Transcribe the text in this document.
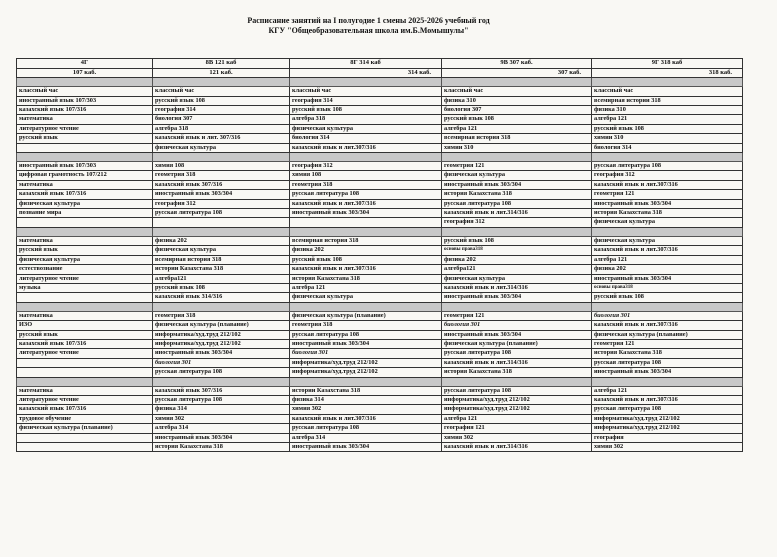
Расписание занятий на I полугодие 1 смены 2025-2026 учебный год
КГУ "Общеобразовательная школа им.Б.Момышулы"
4Г	8В 121 каб	8Г 314 каб	9В 307 каб.	9Г 318 каб
107 каб.	121 каб.	314 каб.	307 каб.	318 каб.

классный час	классный час	классный час	классный час	классный час
иностранный язык 107/303	русский язык 108	география 314	физика 310	всемирная истории 318
казахский язык 107/316	география 314	русский язык 108	биология 307	физика 310
математика	биология 307	алгебра 318	русский язык 108	алгебра 121
литературное чтение	алгебра 318	физическая культура	алгебра 121	русский язык 108
русский язык	казахский язык и лит. 307/316	биология 314	всемирная история 318	химии 310
	физическая культура	казахский язык и лит.307/316	химии 310	биология 314

иностранный язык 107/303	химия 108	география 312	геометрия 121	русская литература 108
цифровая грамотность 107/212	геометрия 318	химия 108	физическая культура	география 312
математика	казахский язык 307/316	геометрия 318	иностранный язык 303/304	казахский язык и лит.307/316
казахский язык 107/316	иностранный язык 303/304	русская литература 108	история Казахстана 318	геометрия 121
физическая культура	география 312	казахский язык и лит.307/316	русская литература 108	иностранный язык 303/304
познание мира	русская литература 108	иностранный язык 303/304	казахский язык и лит.314/316	история Казахстана 318
			география 312	физическая культура

математика	физика 202	всемирная история 318	русский язык 108	физическая культура
русский язык	физическая культура	физика 202	основы права318	казахский язык и лит.307/316
физическая культура	всемирная история 318	русский язык 108	физика 202	алгебра 121
естествознание	истории Казахстана 318	казахский язык и лит.307/316	алгебра121	физика 202
литературное чтение	алгебра121	история Казахстана 318	физическая культура	иностранный язык 303/304
музыка	русский язык 108	алгебра 121	казахский язык и лит.314/316	основы права318
	казахский язык 314/316	физическая культура	иностранный язык 303/304	русский язык 108

математика	геометрия 318	физическая культура (плавание)	геометрия 121	биология 301
ИЗО	физическая культура (плавание)	геометрия 318	биология 301	казахский язык и лит.307/316
русский язык	информатика/худ.труд 212/102	русская литература 108	иностранный язык 303/304	физическая культура (плавание)
казахский язык 107/316	информатика/худ.труд 212/102	иностранный язык 303/304	физическая культура (плавание)	геометрия 121
литературное чтение	иностранный язык 303/304	биология 301	русская литература 108	история Казахстана 318
	биология 301	информатика/худ.труд 212/102	казахский язык и лит.314/316	русская литература 108
	русская литература 108	информатика/худ.труд 212/102	история Казахстана 318	иностранный язык 303/304

математика	казахский язык 307/316	истории Казахстана 318	русская литература 108	алгебра 121
литературное чтение	русская литература 108	физика 314	информатика/худ.труд 212/102	казахский язык и лит.307/316
казахский язык 107/316	физика 314	химия 302	информатика/худ.труд 212/102	русская литература 108
трудовое обучение	химия 302	казахский язык и лит.307/316	алгебра 121	информатика/худ.труд 212/102
физическая культура (плавание)	алгебра 314	русская литература 108	география 121	информатика/худ.труд 212/102
	иностранный язык 303/304	алгебра 314	химия 302	география
	история Казахстана 318	иностранный язык 303/304	казахский язык и лит.314/316	химия 302
